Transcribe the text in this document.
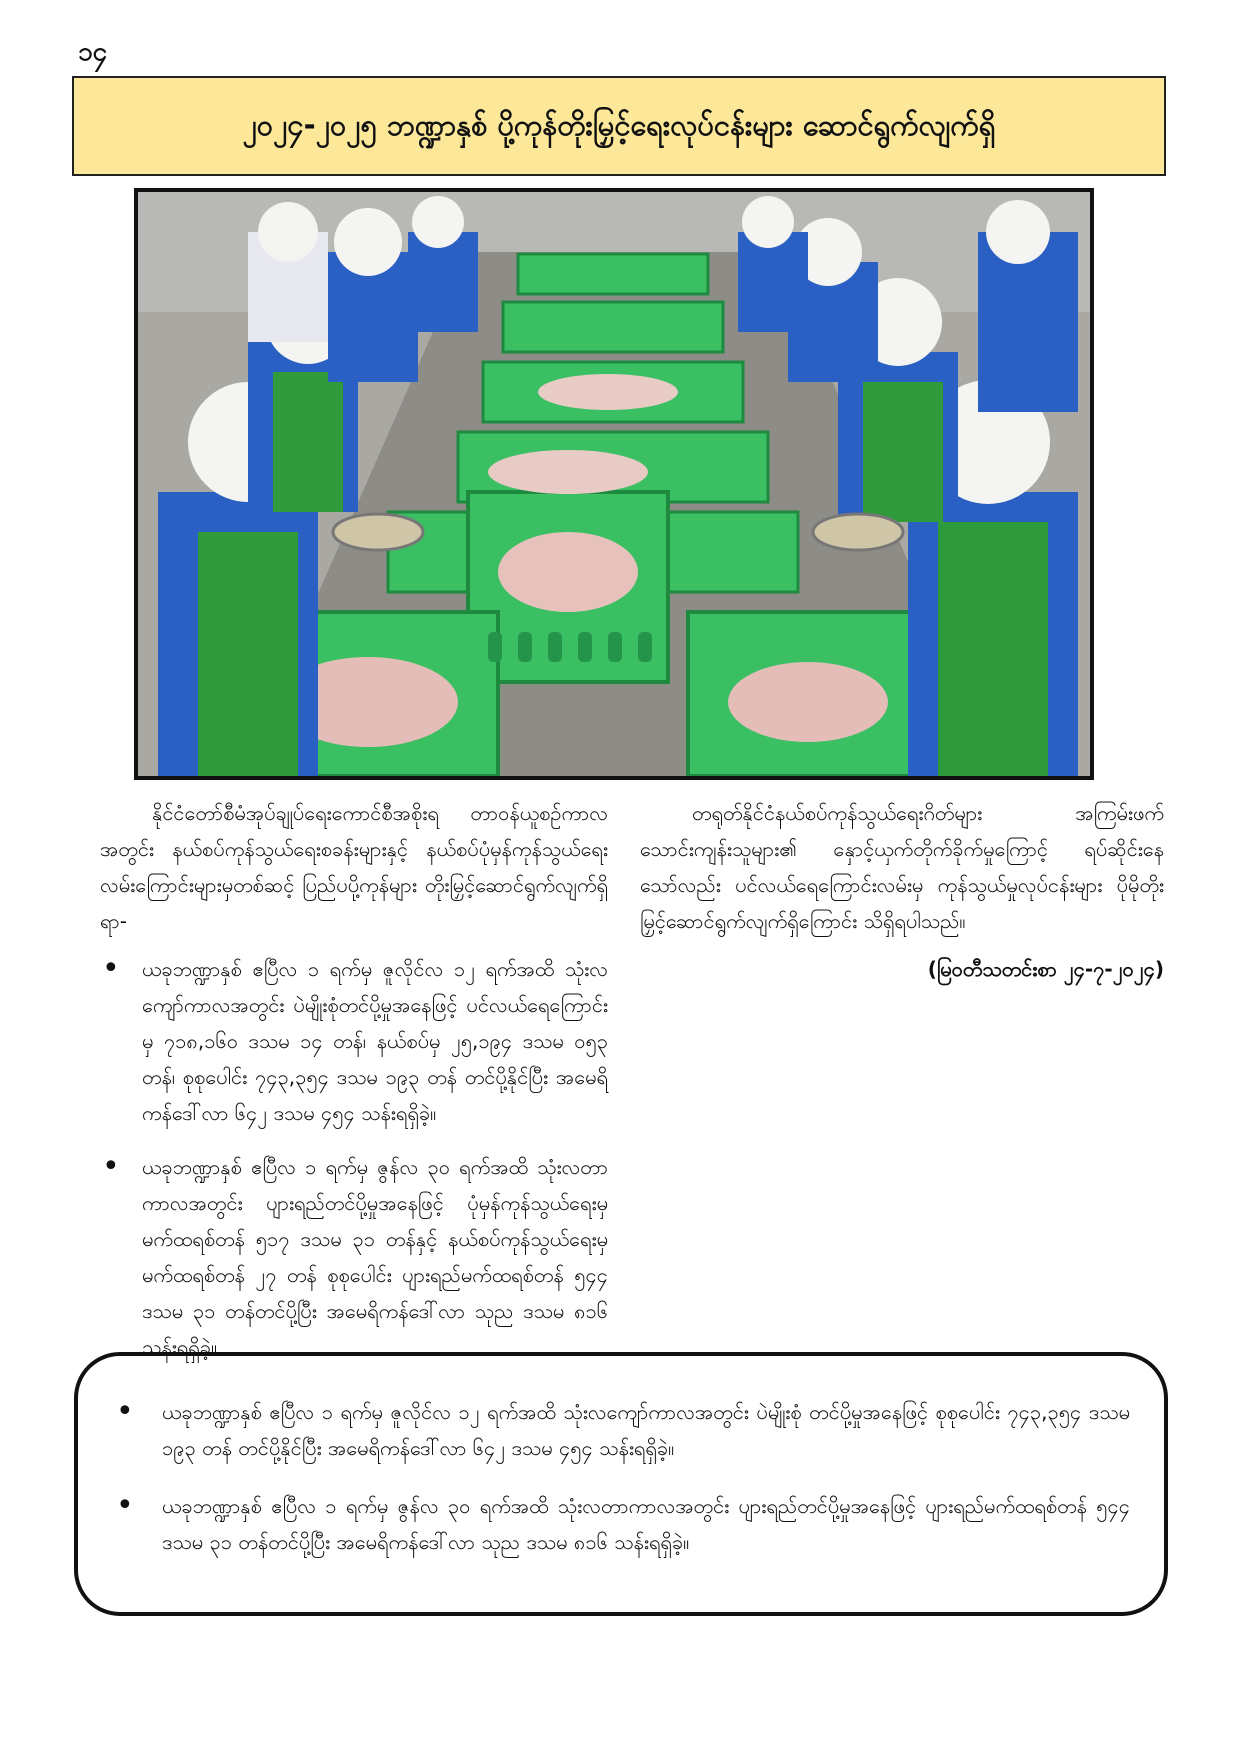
၁၄
၂၀၂၄-၂၀၂၅ ဘဏ္ဍာနှစ် ပို့ကုန်တိုးမြှင့်ရေးလုပ်ငန်းများ ဆောင်ရွက်လျက်ရှိ

နိုင်ငံတော်စီမံအုပ်ချုပ်ရေးကောင်စီအစိုးရ တာဝန်ယူစဉ်ကာလအတွင်း နယ်စပ်ကုန်သွယ်ရေးစခန်းများနှင့် နယ်စပ်ပုံမှန်ကုန်သွယ်ရေးလမ်းကြောင်းများမှတစ်ဆင့် ပြည်ပပို့ကုန်များ တိုးမြှင့်ဆောင်ရွက်လျက်ရှိရာ-

• ယခုဘဏ္ဍာနှစ် ဧပြီလ ၁ ရက်မှ ဇူလိုင်လ ၁၂ ရက်အထိ သုံးလကျော်ကာလအတွင်း ပဲမျိုးစုံတင်ပို့မှုအနေဖြင့် ပင်လယ်ရေကြောင်းမှ ၇၁၈,၁၆၀ ဒသမ ၁၄ တန်၊ နယ်စပ်မှ ၂၅,၁၉၄ ဒသမ ၀၅၃ တန်၊ စုစုပေါင်း ၇၄၃,၃၅၄ ဒသမ ၁၉၃ တန် တင်ပို့နိုင်ပြီး အမေရိကန်ဒေါ်လာ ၆၄၂ ဒသမ ၄၅၄ သန်းရရှိခဲ့။
• ယခုဘဏ္ဍာနှစ် ဧပြီလ ၁ ရက်မှ ဇွန်လ ၃၀ ရက်အထိ သုံးလတာကာလအတွင်း ပျားရည်တင်ပို့မှုအနေဖြင့် ပုံမှန်ကုန်သွယ်ရေးမှ မက်ထရစ်တန် ၅၁၇ ဒသမ ၃၁ တန်နှင့် နယ်စပ်ကုန်သွယ်ရေးမှ မက်ထရစ်တန် ၂၇ တန် စုစုပေါင်း ပျားရည်မက်ထရစ်တန် ၅၄၄ ဒသမ ၃၁ တန်တင်ပို့ပြီး အမေရိကန်ဒေါ်လာ သုည ဒသမ ၈၁၆ သန်းရရှိခဲ့။

တရုတ်နိုင်ငံနယ်စပ်ကုန်သွယ်ရေးဂိတ်များ အကြမ်းဖက်သောင်းကျန်းသူများ၏ နှောင့်ယှက်တိုက်ခိုက်မှုကြောင့် ရပ်ဆိုင်းနေသော်လည်း ပင်လယ်ရေကြောင်းလမ်းမှ ကုန်သွယ်မှုလုပ်ငန်းများ ပိုမိုတိုးမြှင့်ဆောင်ရွက်လျက်ရှိကြောင်း သိရှိရပါသည်။

(မြဝတီသတင်းစာ ၂၄-၇-၂၀၂၄)

• ယခုဘဏ္ဍာနှစ် ဧပြီလ ၁ ရက်မှ ဇူလိုင်လ ၁၂ ရက်အထိ သုံးလကျော်ကာလအတွင်း ပဲမျိုးစုံ တင်ပို့မှုအနေဖြင့် စုစုပေါင်း ၇၄၃,၃၅၄ ဒသမ ၁၉၃ တန် တင်ပို့နိုင်ပြီး အမေရိကန်ဒေါ်လာ ၆၄၂ ဒသမ ၄၅၄ သန်းရရှိခဲ့။
• ယခုဘဏ္ဍာနှစ် ဧပြီလ ၁ ရက်မှ ဇွန်လ ၃၀ ရက်အထိ သုံးလတာကာလအတွင်း ပျားရည်တင်ပို့မှုအနေဖြင့် ပျားရည်မက်ထရစ်တန် ၅၄၄ ဒသမ ၃၁ တန်တင်ပို့ပြီး အမေရိကန်ဒေါ်လာ သုည ဒသမ ၈၁၆ သန်းရရှိခဲ့။
